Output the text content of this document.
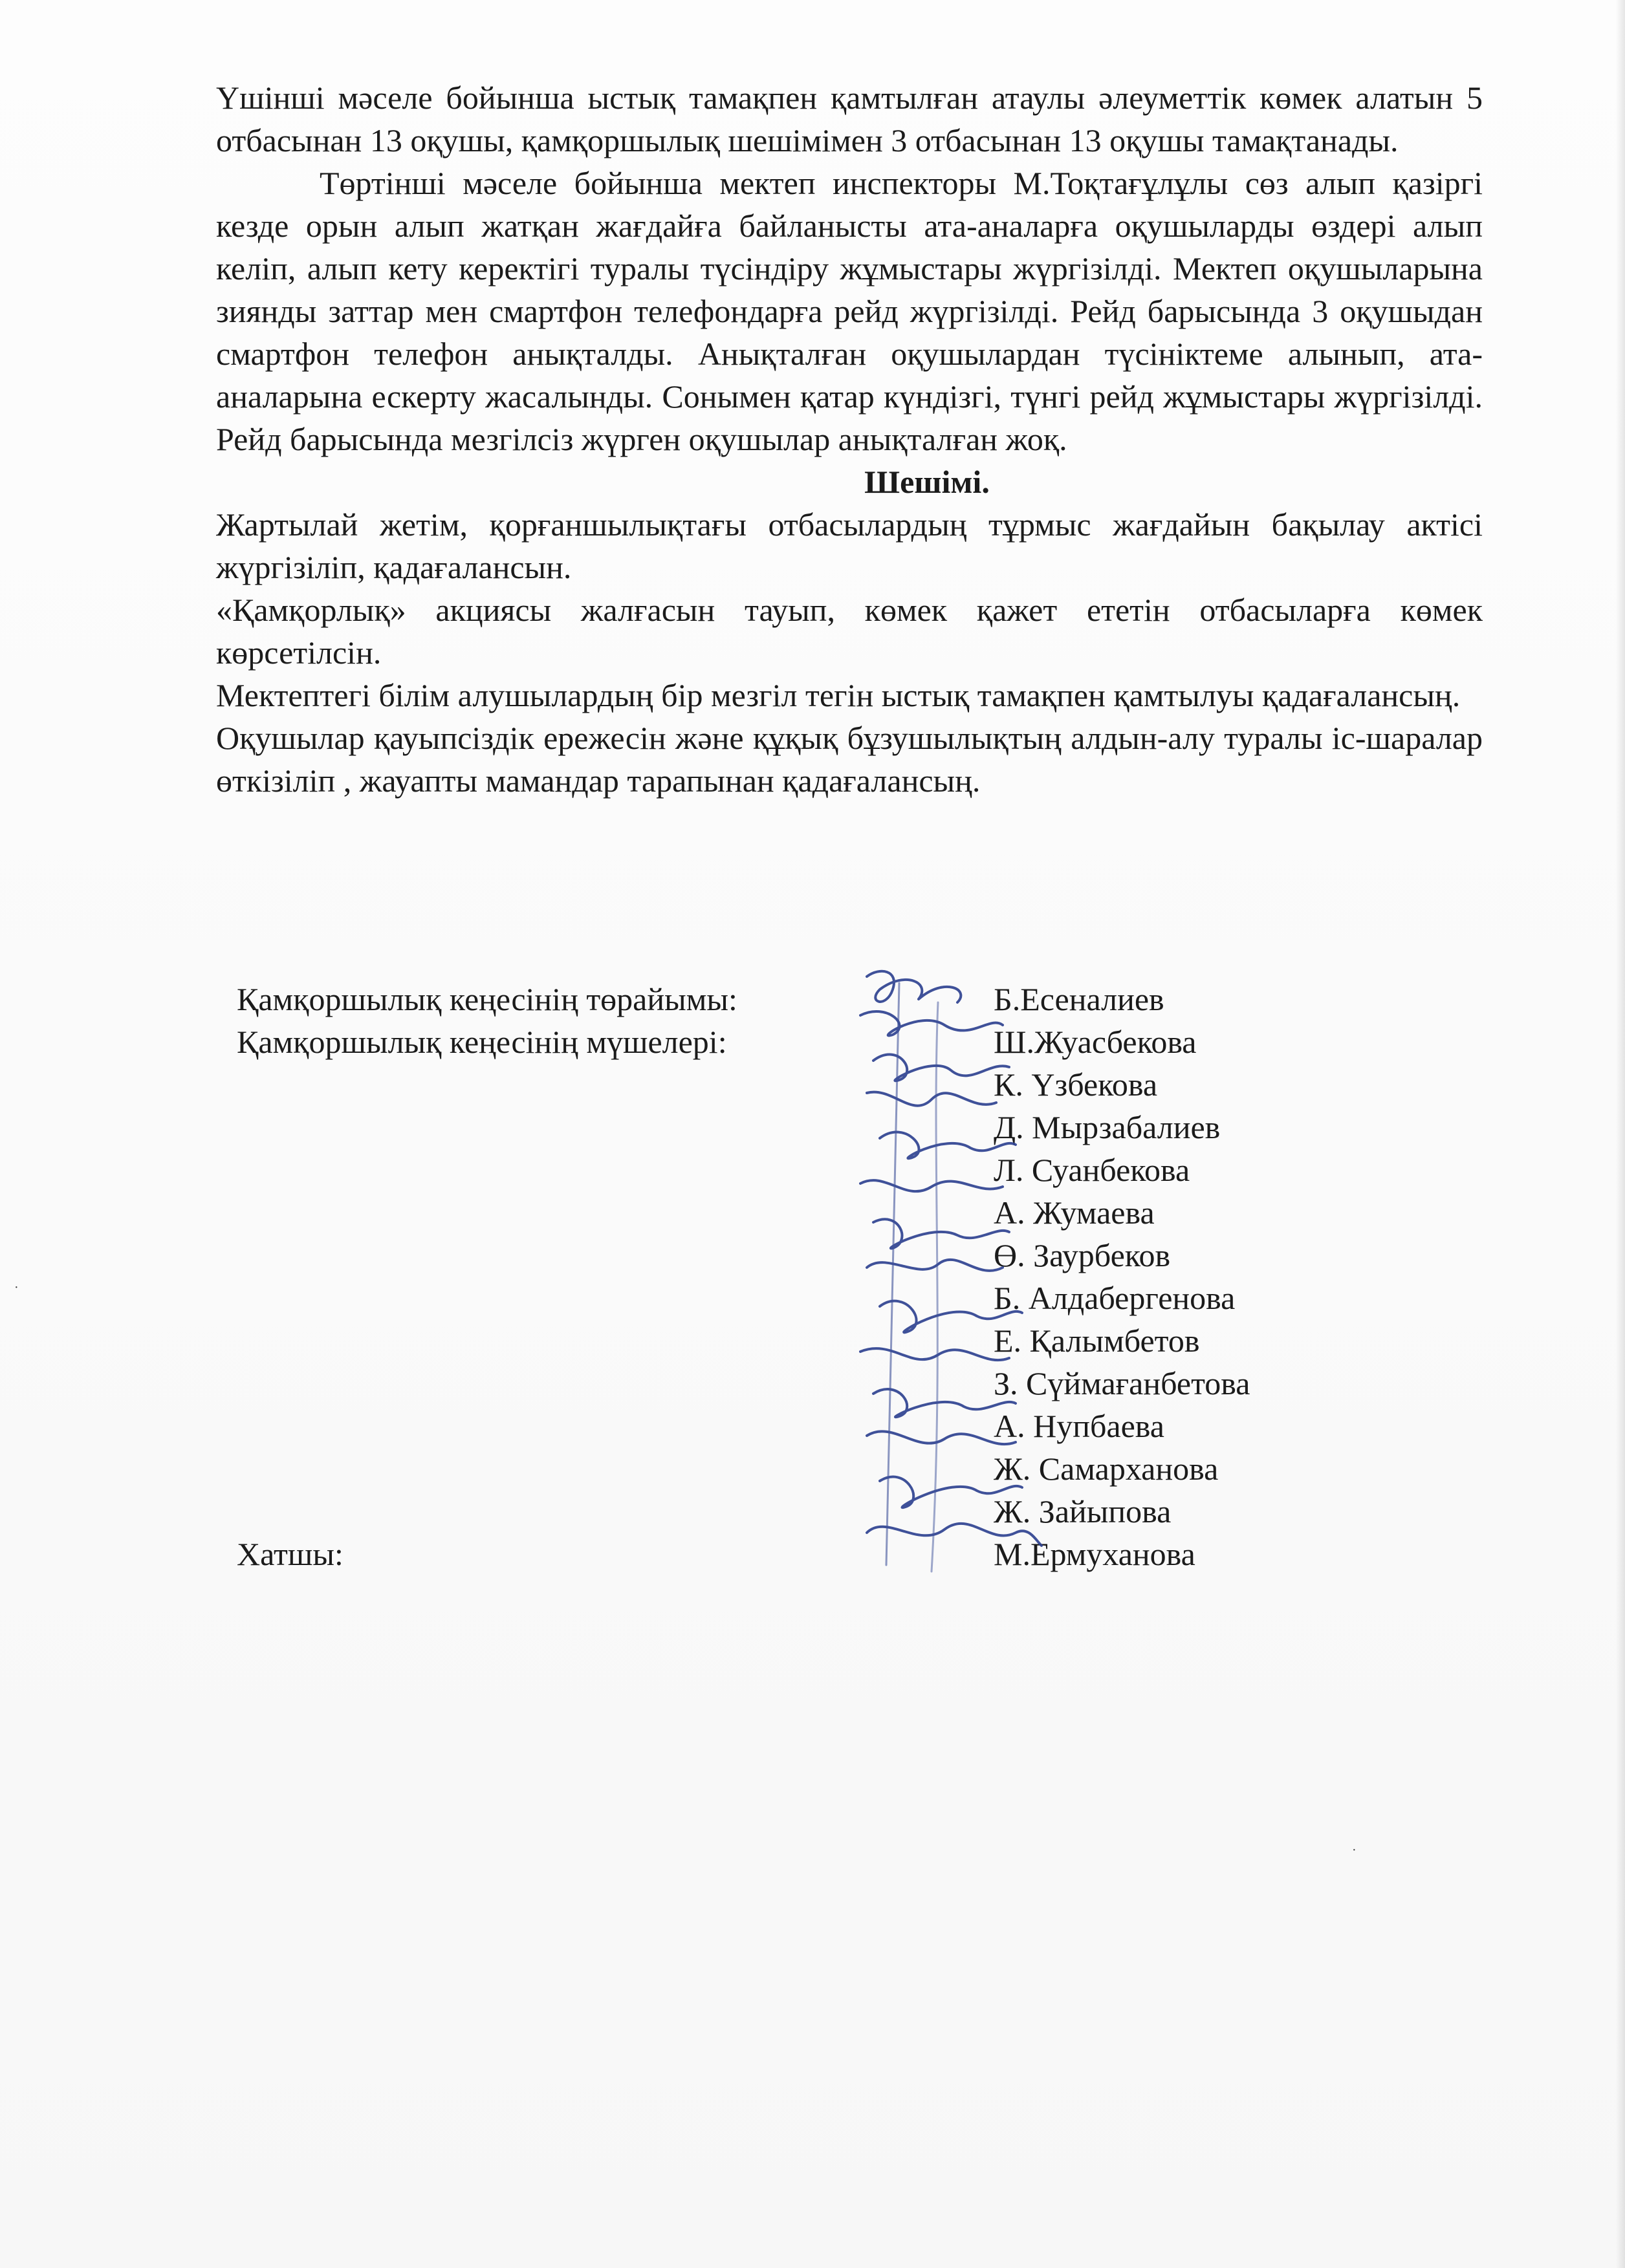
Үшінші мәселе бойынша ыстық тамақпен қамтылған атаулы әлеуметтік көмек алатын 5 отбасынан 13 оқушы, қамқоршылық шешімімен 3 отбасынан 13 оқушы тамақтанады.

Төртінші мәселе бойынша мектеп инспекторы М.Тоқтағұлұлы сөз алып қазіргі кезде орын алып жатқан жағдайға байланысты ата-аналарға оқушыларды өздері алып келіп, алып кету керектігі туралы түсіндіру жұмыстары жүргізілді. Мектеп оқушыларына зиянды заттар мен смартфон телефондарға рейд жүргізілді. Рейд барысында 3 оқушыдан смартфон телефон анықталды. Анықталған оқушылардан түсініктеме алынып, ата-аналарына ескерту жасалынды. Сонымен қатар күндізгі, түнгі рейд жұмыстары жүргізілді. Рейд барысында мезгілсіз жүрген оқушылар анықталған жоқ.

Шешімі.

Жартылай жетім, қорғаншылықтағы отбасылардың тұрмыс жағдайын бақылау актісі жүргізіліп, қадағалансын.

«Қамқорлық» акциясы жалғасын тауып, көмек қажет ететін отбасыларға көмек көрсетілсін.

Мектептегі білім алушылардың бір мезгіл тегін ыстық тамақпен қамтылуы қадағалансың.

Оқушылар қауыпсіздік ережесін және құқық бұзушылықтың алдын-алу туралы іс-шаралар өткізіліп , жауапты мамандар тарапынан қадағалансың.

Қамқоршылық кеңесінің төрайымы:	Б.Есеналиев
Қамқоршылық кеңесінің мүшелері:	Ш.Жуасбекова
К. Үзбекова
Д. Мырзабалиев
Л. Суанбекова
А. Жумаева
Ө. Заурбеков
Б. Алдабергенова
Е. Қалымбетов
З. Сүймағанбетова
А. Нупбаева
Ж. Самарханова
Ж. Зайыпова
Хатшы:	М.Ермуханова
·
·
